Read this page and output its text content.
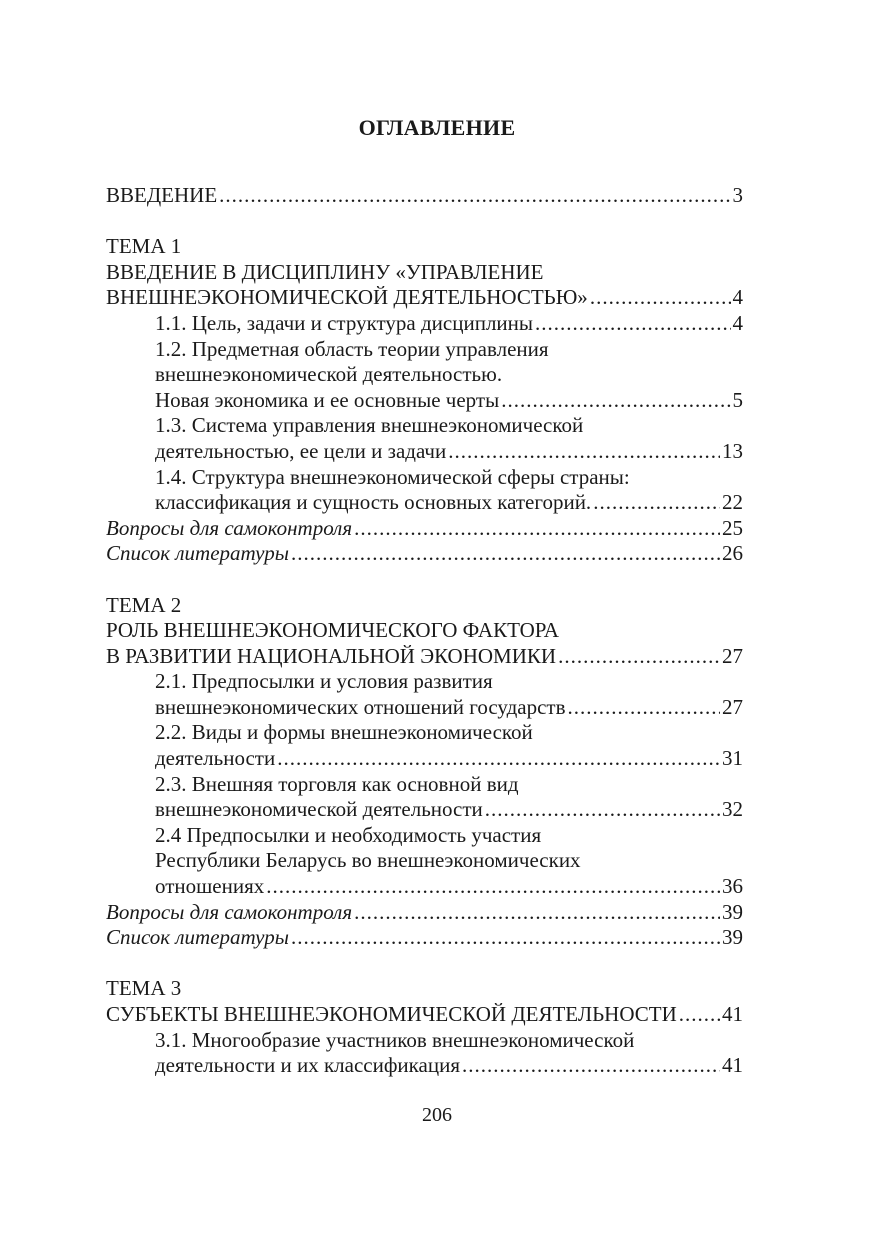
ОГЛАВЛЕНИЕ
ВВЕДЕНИЕ .....	3
ТЕМА 1
ВВЕДЕНИЕ В ДИСЦИПЛИНУ «УПРАВЛЕНИЕ
ВНЕШНЕЭКОНОМИЧЕСКОЙ ДЕЯТЕЛЬНОСТЬЮ» .....	4
1.1. Цель, задачи и структура дисциплины .....	4
1.2. Предметная область теории управления
внешнеэкономической деятельностью.
Новая экономика и ее основные черты .....	5
1.3. Система управления внешнеэкономической
деятельностью, ее цели и задачи .....	13
1.4. Структура внешнеэкономической сферы страны:
классификация и сущность основных категорий. .....	22
Вопросы для самоконтроля .....	25
Список литературы .....	26
ТЕМА 2
РОЛЬ ВНЕШНЕЭКОНОМИЧЕСКОГО ФАКТОРА
В РАЗВИТИИ НАЦИОНАЛЬНОЙ ЭКОНОМИКИ .....	27
2.1. Предпосылки и условия развития
внешнеэкономических отношений государств .....	27
2.2. Виды и формы внешнеэкономической
деятельности .....	31
2.3. Внешняя торговля как основной вид
внешнеэкономической деятельности .....	32
2.4 Предпосылки и необходимость участия
Республики Беларусь во внешнеэкономических
отношениях .....	36
Вопросы для самоконтроля .....	39
Список литературы .....	39
ТЕМА 3
СУБЪЕКТЫ ВНЕШНЕЭКОНОМИЧЕСКОЙ ДЕЯТЕЛЬНОСТИ ..... 41
3.1. Многообразие участников внешнеэкономической
деятельности и их классификация .....	41
206
